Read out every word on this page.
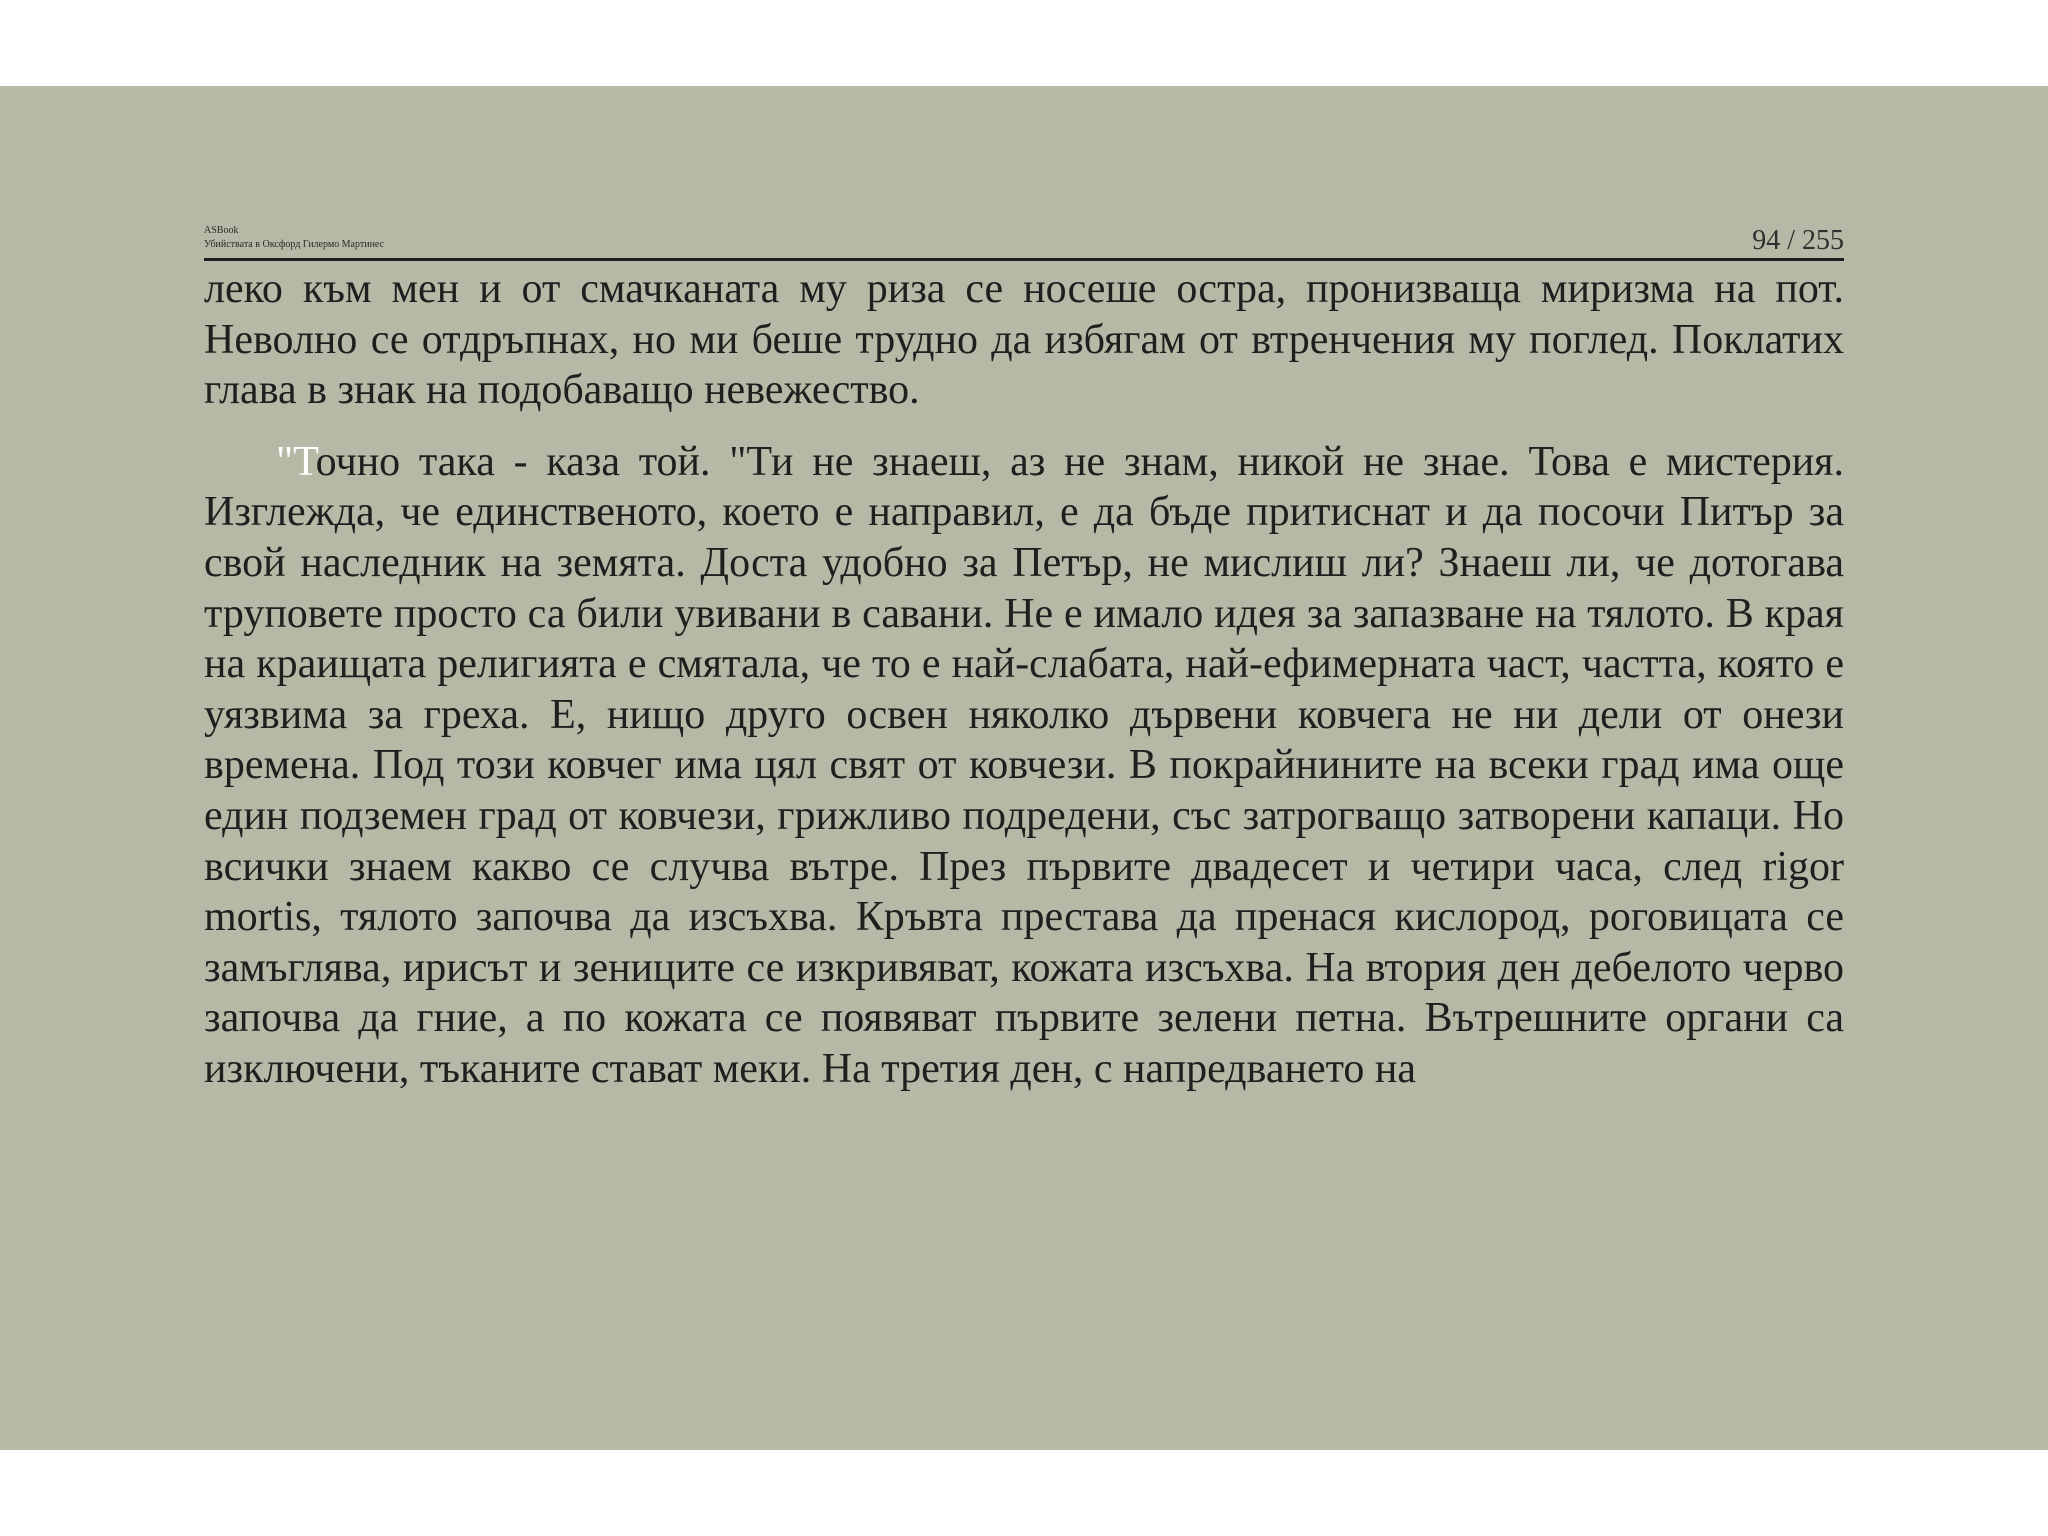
ASBook
Убийствата в Оксфорд Гилермо Мартинес	94 / 255

леко към мен и от смачканата му риза се носеше остра, пронизваща миризма на пот. Неволно се отдръпнах, но ми беше трудно да избягам от втренчения му поглед. Поклатих глава в знак на подобаващо невежество.

"Точно така - каза той. "Ти не знаеш, аз не знам, никой не знае. Това е мистерия. Изглежда, че единственото, което е направил, е да бъде притиснат и да посочи Питър за свой наследник на земята. Доста удобно за Петър, не мислиш ли? Знаеш ли, че дотогава труповете просто са били увивани в савани. Не е имало идея за запазване на тялото. В края на краищата религията е смятала, че то е най-слабата, най-ефимерната част, частта, която е уязвима за греха. Е, нищо друго освен няколко дървени ковчега не ни дели от онези времена. Под този ковчег има цял свят от ковчези. В покрайнините на всеки град има още един подземен град от ковчези, грижливо подредени, със затрогващо затворени капаци. Но всички знаем какво се случва вътре. През първите двадесет и четири часа, след rigor mortis, тялото започва да изсъхва. Кръвта престава да пренася кислород, роговицата се замъглява, ирисът и зениците се изкривяват, кожата изсъхва. На втория ден дебелото черво започва да гние, а по кожата се появяват първите зелени петна. Вътрешните органи са изключени, тъканите стават меки. На третия ден, с напредването на
